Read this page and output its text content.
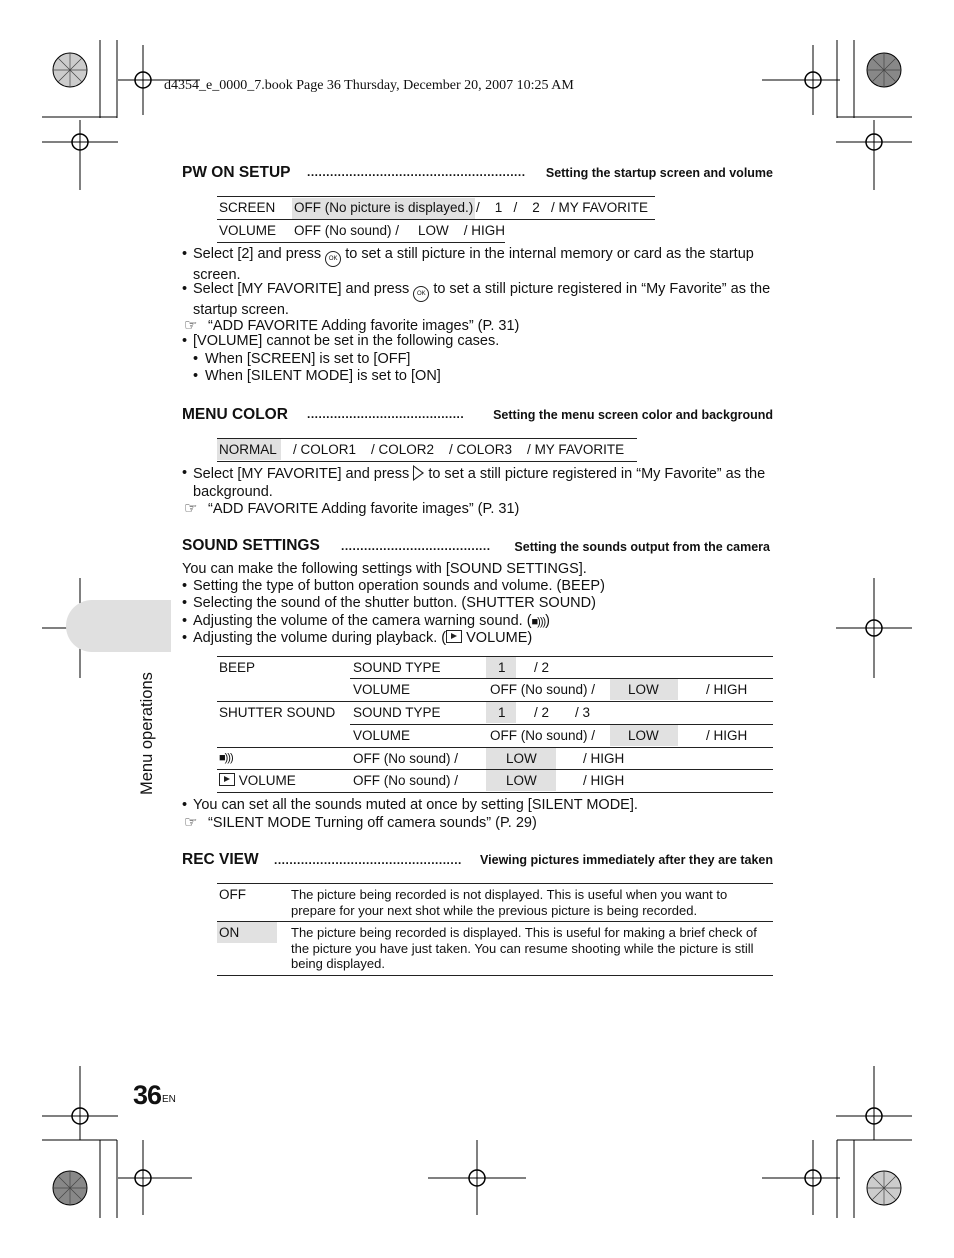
d4354_e_0000_7.book Page 36 Thursday, December 20, 2007 10:25 AM
Menu operations
PW ON SETUP ......................................................... Setting the startup screen and volume
SCREEN OFF (No picture is displayed.) /    1   /    2   / MY FAVORITE
VOLUME OFF (No sound) / LOW    / HIGH
• Select [2] and press OK to set a still picture in the internal memory or card as the startup screen.
• Select [MY FAVORITE] and press OK to set a still picture registered in “My Favorite” as the startup screen.
☞ “ADD FAVORITE Adding favorite images” (P. 31)
• [VOLUME] cannot be set in the following cases.
• When [SCREEN] is set to [OFF]
• When [SILENT MODE] is set to [ON]
MENU COLOR ......................................... Setting the menu screen color and background
NORMAL	/ COLOR1    / COLOR2    / COLOR3    / MY FAVORITE
• Select [MY FAVORITE] and press to set a still picture registered in “My Favorite” as the background.
☞ “ADD FAVORITE Adding favorite images” (P. 31)
SOUND SETTINGS ....................................... Setting the sounds output from the camera
You can make the following settings with [SOUND SETTINGS].
• Setting the type of button operation sounds and volume. (BEEP)
• Selecting the sound of the shutter button. (SHUTTER SOUND)
• Adjusting the volume of the camera warning sound. (■))))
• Adjusting the volume during playback. ( VOLUME)
BEEP	SOUND TYPE	1	/ 2
VOLUME	OFF (No sound) /	LOW	/ HIGH
SHUTTER SOUND SOUND TYPE	1	/ 2 / 3
VOLUME	OFF (No sound) /	LOW	/ HIGH
■)))	OFF (No sound) /	LOW	/ HIGH
VOLUME	OFF (No sound) /	LOW	/ HIGH
• You can set all the sounds muted at once by setting [SILENT MODE].
☞ “SILENT MODE Turning off camera sounds” (P. 29)
REC VIEW ................................................. Viewing pictures immediately after they are taken
OFF	The picture being recorded is not displayed. This is useful when you want to prepare for your next shot while the previous picture is being recorded.
ON	The picture being recorded is displayed. This is useful for making a brief check of the picture you have just taken. You can resume shooting while the picture is still being displayed.
36 EN
